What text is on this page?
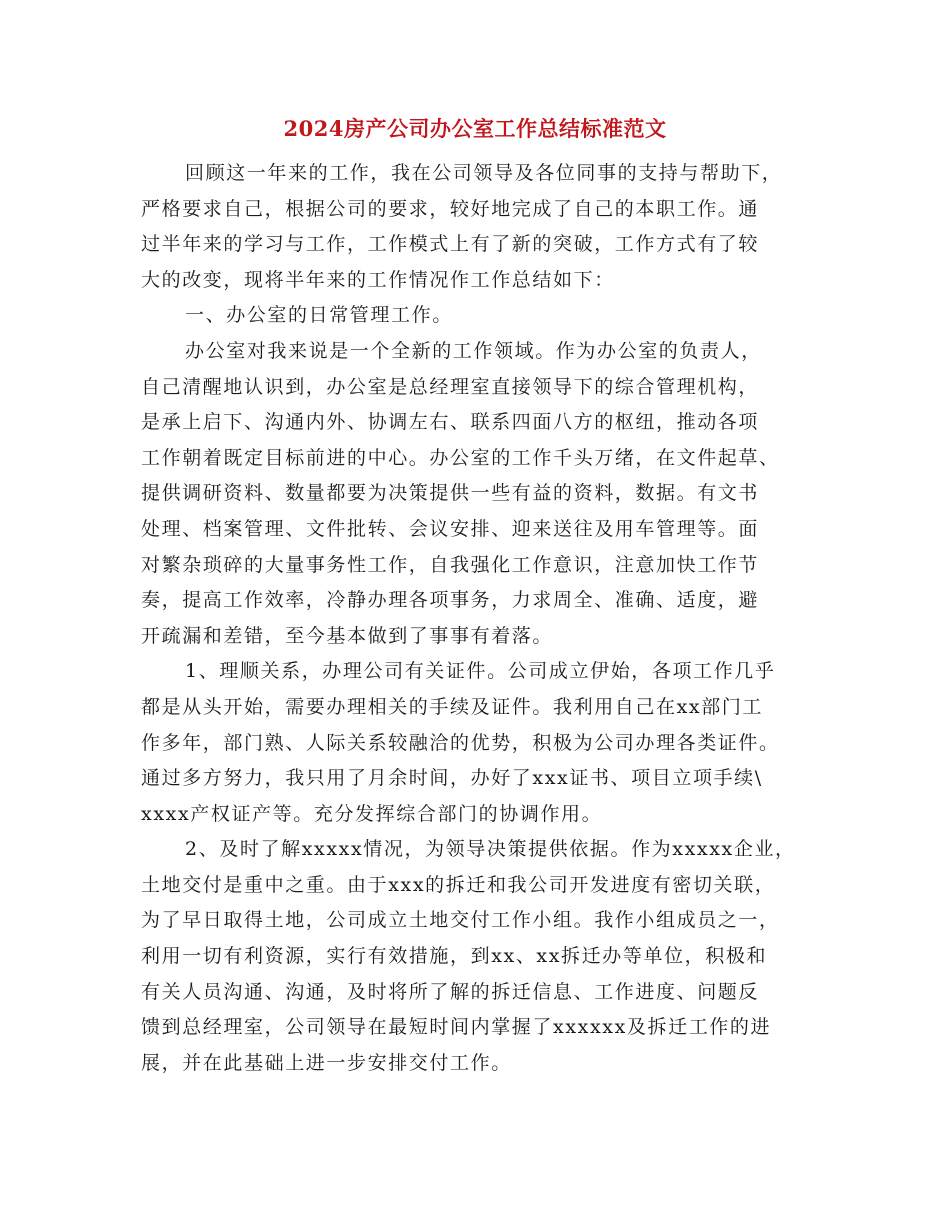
2024房产公司办公室工作总结标准范文
回顾这一年来的工作，我在公司领导及各位同事的支持与帮助下，
严格要求自己，根据公司的要求，较好地完成了自己的本职工作。通
过半年来的学习与工作，工作模式上有了新的突破，工作方式有了较
大的改变，现将半年来的工作情况作工作总结如下：
一、办公室的日常管理工作。
办公室对我来说是一个全新的工作领域。作为办公室的负责人，
自己清醒地认识到，办公室是总经理室直接领导下的综合管理机构，
是承上启下、沟通内外、协调左右、联系四面八方的枢纽，推动各项
工作朝着既定目标前进的中心。办公室的工作千头万绪，在文件起草、
提供调研资料、数量都要为决策提供一些有益的资料，数据。有文书
处理、档案管理、文件批转、会议安排、迎来送往及用车管理等。面
对繁杂琐碎的大量事务性工作，自我强化工作意识，注意加快工作节
奏，提高工作效率，冷静办理各项事务，力求周全、准确、适度，避
开疏漏和差错，至今基本做到了事事有着落。
1、理顺关系，办理公司有关证件。公司成立伊始，各项工作几乎
都是从头开始，需要办理相关的手续及证件。我利用自己在xx部门工
作多年，部门熟、人际关系较融洽的优势，积极为公司办理各类证件。
通过多方努力，我只用了月余时间，办好了xxx证书、项目立项手续\
xxxx产权证产等。充分发挥综合部门的协调作用。
2、及时了解xxxxx情况，为领导决策提供依据。作为xxxxx企业，
土地交付是重中之重。由于xxx的拆迁和我公司开发进度有密切关联，
为了早日取得土地，公司成立土地交付工作小组。我作小组成员之一，
利用一切有利资源，实行有效措施，到xx、xx拆迁办等单位，积极和
有关人员沟通、沟通，及时将所了解的拆迁信息、工作进度、问题反
馈到总经理室，公司领导在最短时间内掌握了xxxxxx及拆迁工作的进
展，并在此基础上进一步安排交付工作。
